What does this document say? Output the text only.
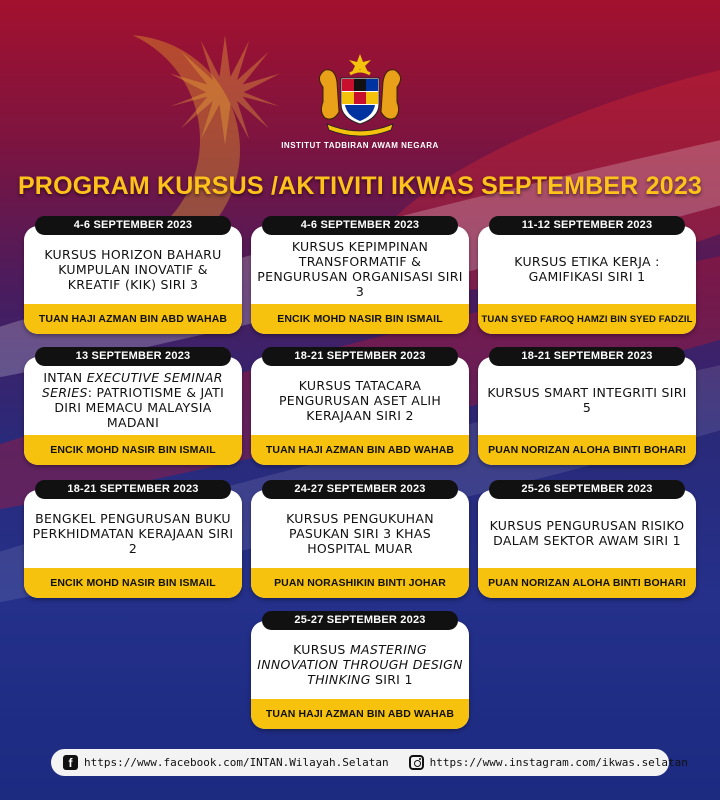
INSTITUT TADBIRAN AWAM NEGARA
PROGRAM KURSUS /AKTIVITI IKWAS SEPTEMBER 2023
4-6 SEPTEMBER 2023
KURSUS HORIZON BAHARU KUMPULAN INOVATIF & KREATIF (KIK) SIRI 3
TUAN HAJI AZMAN BIN ABD WAHAB
4-6 SEPTEMBER 2023
KURSUS KEPIMPINAN TRANSFORMATIF & PENGURUSAN ORGANISASI SIRI 3
ENCIK MOHD NASIR BIN ISMAIL
11-12 SEPTEMBER 2023
KURSUS ETIKA KERJA : GAMIFIKASI SIRI 1
TUAN SYED FAROQ HAMZI BIN SYED FADZIL
13 SEPTEMBER 2023
INTAN EXECUTIVE SEMINAR SERIES: PATRIOTISME & JATI DIRI MEMACU MALAYSIA MADANI
ENCIK MOHD NASIR BIN ISMAIL
18-21 SEPTEMBER 2023
KURSUS TATACARA PENGURUSAN ASET ALIH KERAJAAN SIRI 2
TUAN HAJI AZMAN BIN ABD WAHAB
18-21 SEPTEMBER 2023
KURSUS SMART INTEGRITI SIRI 5
PUAN NORIZAN ALOHA BINTI BOHARI
18-21 SEPTEMBER 2023
BENGKEL PENGURUSAN BUKU PERKHIDMATAN KERAJAAN SIRI 2
ENCIK MOHD NASIR BIN ISMAIL
24-27 SEPTEMBER 2023
KURSUS PENGUKUHAN PASUKAN SIRI 3 KHAS HOSPITAL MUAR
PUAN NORASHIKIN BINTI JOHAR
25-26 SEPTEMBER 2023
KURSUS PENGURUSAN RISIKO DALAM SEKTOR AWAM SIRI 1
PUAN NORIZAN ALOHA BINTI BOHARI
25-27 SEPTEMBER 2023
KURSUS MASTERING INNOVATION THROUGH DESIGN THINKING SIRI 1
TUAN HAJI AZMAN BIN ABD WAHAB
f	https://www.facebook.com/INTAN.Wilayah.Selatan	https://www.instagram.com/ikwas.selatan
